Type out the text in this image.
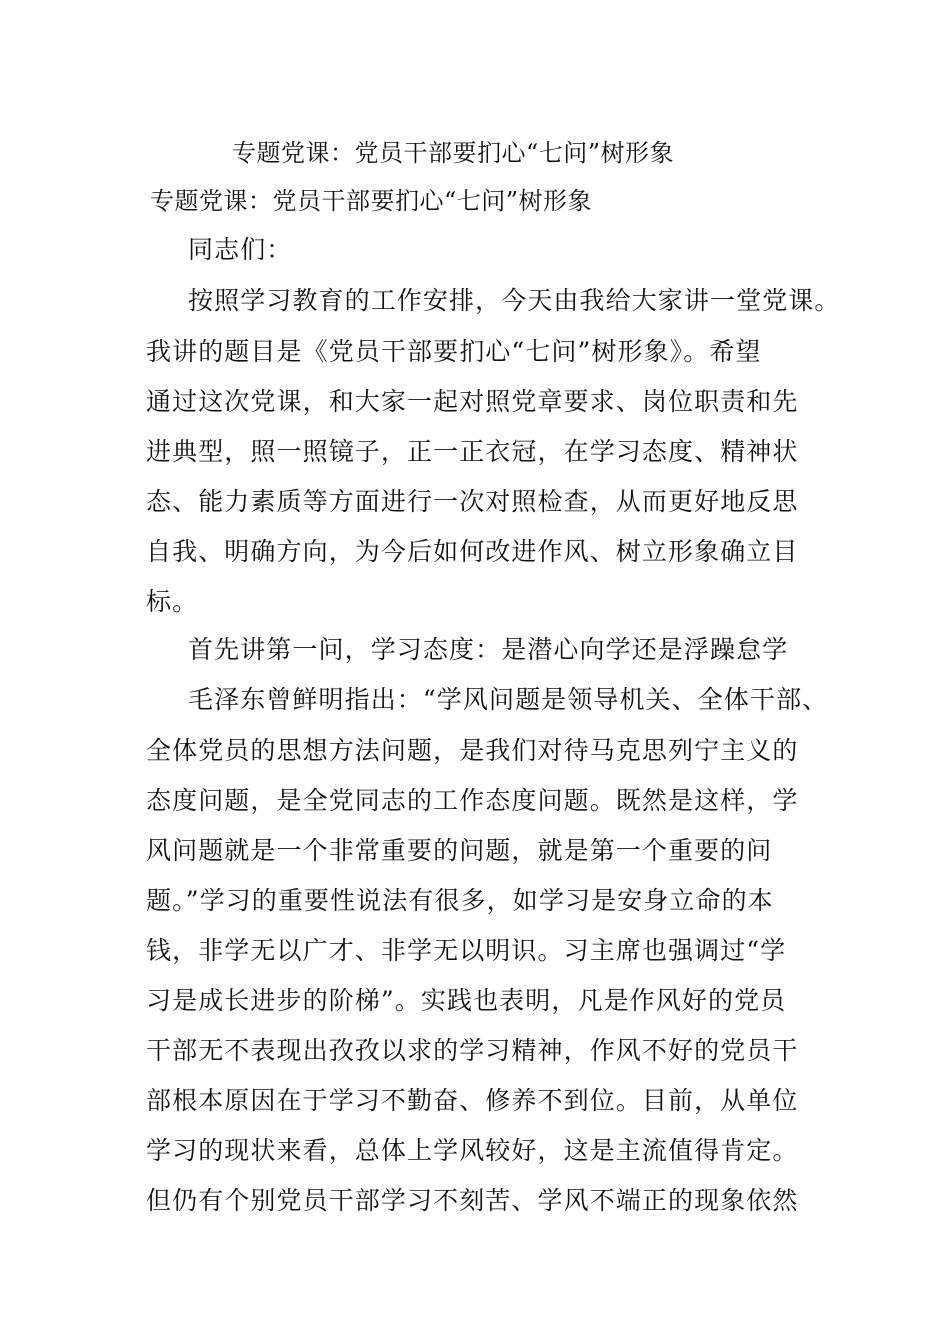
专题党课：党员干部要扪心“七问”树形象
专题党课：党员干部要扪心“七问”树形象
同志们：
按照学习教育的工作安排，今天由我给大家讲一堂党课。
我讲的题目是《党员干部要扪心“七问”树形象》。希望
通过这次党课，和大家一起对照党章要求、岗位职责和先
进典型，照一照镜子，正一正衣冠，在学习态度、精神状
态、能力素质等方面进行一次对照检查，从而更好地反思
自我、明确方向，为今后如何改进作风、树立形象确立目
标。
首先讲第一问，学习态度：是潜心向学还是浮躁怠学
毛泽东曾鲜明指出：“学风问题是领导机关、全体干部、
全体党员的思想方法问题，是我们对待马克思列宁主义的
态度问题，是全党同志的工作态度问题。既然是这样，学
风问题就是一个非常重要的问题，就是第一个重要的问
题。”学习的重要性说法有很多，如学习是安身立命的本
钱，非学无以广才、非学无以明识。习主席也强调过“学
习是成长进步的阶梯”。实践也表明，凡是作风好的党员
干部无不表现出孜孜以求的学习精神，作风不好的党员干
部根本原因在于学习不勤奋、修养不到位。目前，从单位
学习的现状来看，总体上学风较好，这是主流值得肯定。
但仍有个别党员干部学习不刻苦、学风不端正的现象依然
